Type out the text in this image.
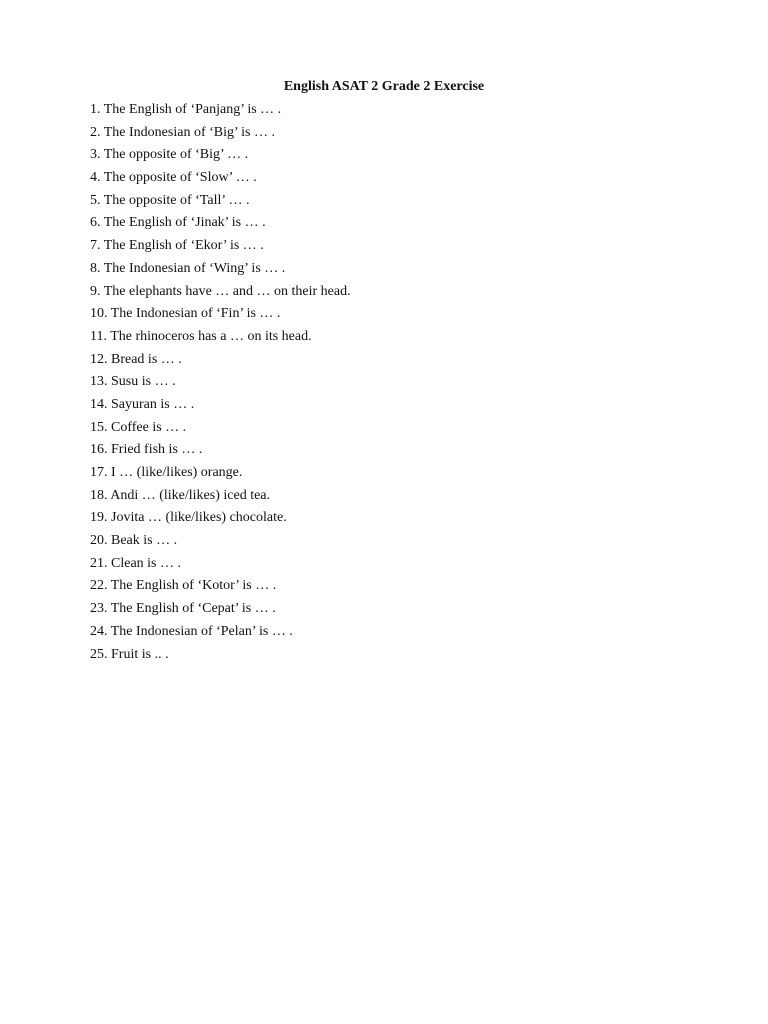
English ASAT 2 Grade 2 Exercise
1. The English of ‘Panjang’ is … .
2. The Indonesian of ‘Big’ is … .
3. The opposite of ‘Big’ … .
4. The opposite of ‘Slow’ … .
5. The opposite of ‘Tall’ … .
6. The English of ‘Jinak’ is … .
7. The English of ‘Ekor’ is … .
8. The Indonesian of ‘Wing’ is … .
9. The elephants have … and … on their head.
10. The Indonesian of ‘Fin’ is … .
11. The rhinoceros has a … on its head.
12. Bread is … .
13. Susu is … .
14. Sayuran is … .
15. Coffee is … .
16. Fried fish is … .
17. I … (like/likes) orange.
18. Andi … (like/likes) iced tea.
19. Jovita … (like/likes) chocolate.
20. Beak is … .
21. Clean is … .
22. The English of ‘Kotor’ is … .
23. The English of ‘Cepat’ is … .
24. The Indonesian of ‘Pelan’ is … .
25. Fruit is .. .
